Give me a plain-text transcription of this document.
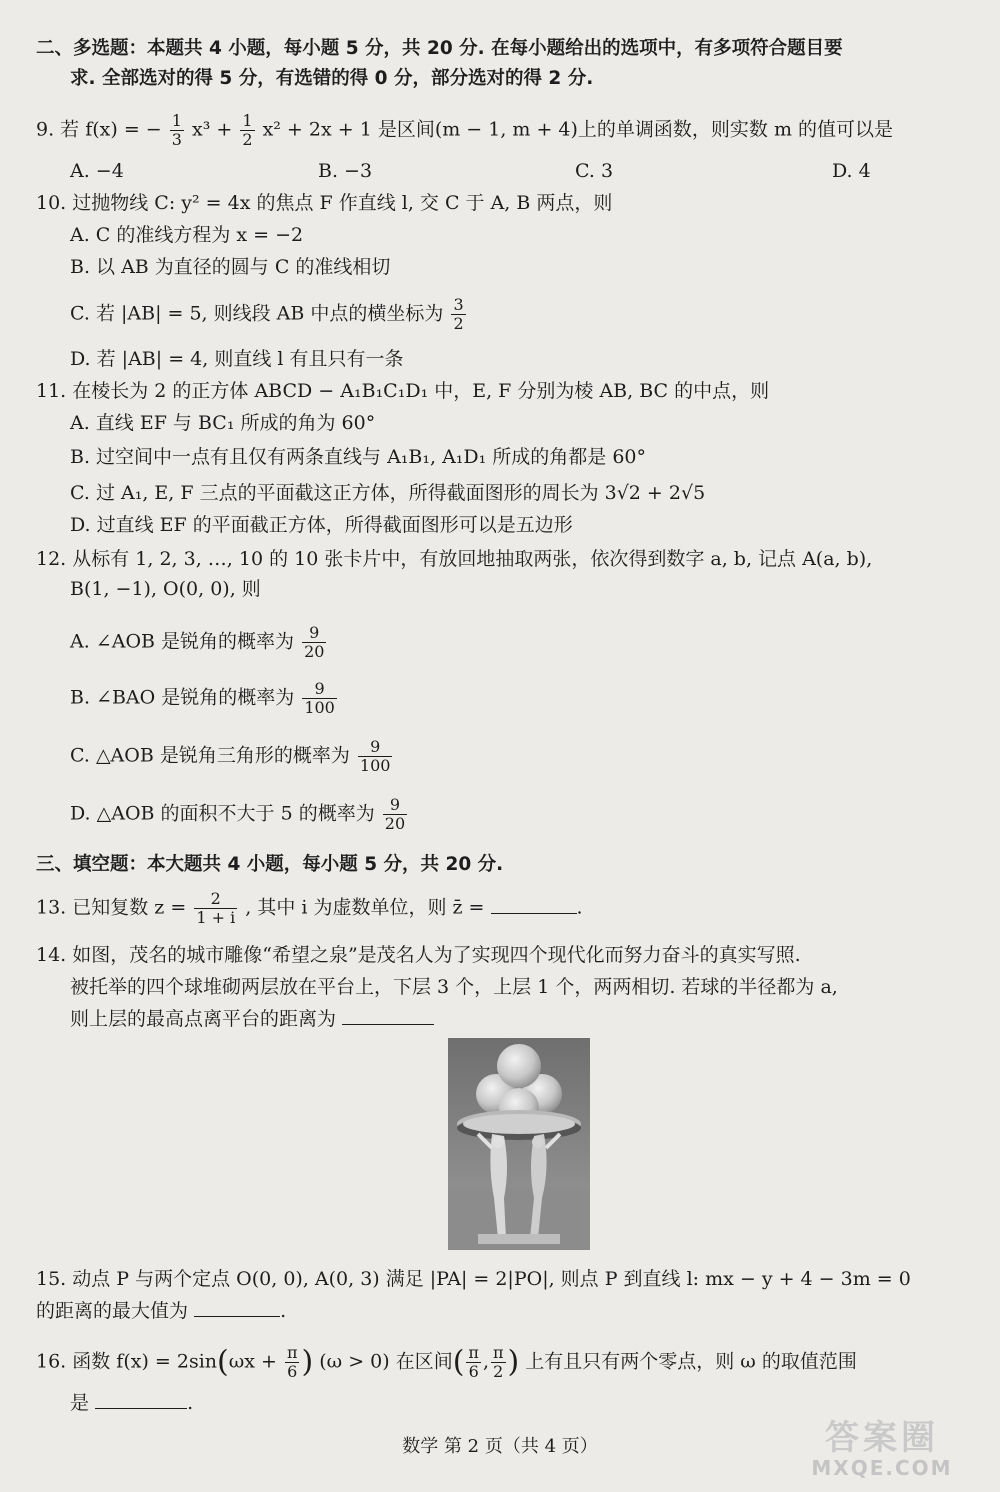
二、多选题：本题共 4 小题，每小题 5 分，共 20 分. 在每小题给出的选项中，有多项符合题目要
求. 全部选对的得 5 分，有选错的得 0 分，部分选对的得 2 分.
9. 若 f(x) = − $\frac{1}{3} x^3 + \frac{1}{2} x^2 + 2x + 1$ 是区间(m − 1, m + 4)上的单调函数，则实数 m 的值可以是
A. −4	B. −3	C. 3	D. 4
10. 过抛物线 C: y² = 4x 的焦点 F 作直线 l, 交 C 于 A, B 两点，则
A. C 的准线方程为 x = −2
B. 以 AB 为直径的圆与 C 的准线相切
C. 若 |AB| = 5, 则线段 AB 中点的横坐标为 $\frac{3}{2}$
D. 若 |AB| = 4, 则直线 l 有且只有一条
11. 在棱长为 2 的正方体 ABCD − A₁B₁C₁D₁ 中，E, F 分别为棱 AB, BC 的中点，则
A. 直线 EF 与 BC₁ 所成的角为 60°
B. 过空间中一点有且仅有两条直线与 A₁B₁, A₁D₁ 所成的角都是 60°
C. 过 A₁, E, F 三点的平面截这正方体，所得截面图形的周长为 3√2 + 2√5
D. 过直线 EF 的平面截正方体，所得截面图形可以是五边形
12. 从标有 1, 2, 3, …, 10 的 10 张卡片中，有放回地抽取两张，依次得到数字 a, b, 记点 A(a, b),
B(1, −1), O(0, 0), 则
A. ∠AOB 是锐角的概率为 $\frac{9}{20}$
B. ∠BAO 是锐角的概率为 $\frac{9}{100}$
C. △AOB 是锐角三角形的概率为 $\frac{9}{100}$
D. △AOB 的面积不大于 5 的概率为 $\frac{9}{20}$
三、填空题：本大题共 4 小题，每小题 5 分，共 20 分.
13. 已知复数 $z = \frac{2}{1 + i}$ , 其中 i 为虚数单位，则 z̄ =	.
14. 如图，茂名的城市雕像“希望之泉”是茂名人为了实现四个现代化而努力奋斗的真实写照.
被托举的四个球堆砌两层放在平台上，下层 3 个，上层 1 个，两两相切. 若球的半径都为 a,
则上层的最高点离平台的距离为
15. 动点 P 与两个定点 O(0, 0), A(0, 3) 满足 |PA| = 2|PO|, 则点 P 到直线 l: mx − y + 4 − 3m = 0
的距离的最大值为	.
16. 函数 $f(x) = 2\sin(\omega x + \frac{\pi}{6}$ ) (ω > 0) 在区间( $\frac{\pi}{6}$ , $\frac{\pi}{2}$ ) 上有且只有两个零点，则 ω 的取值范围
是	.
数学 第 2 页（共 4 页）	答案圈
MXQE.COM
